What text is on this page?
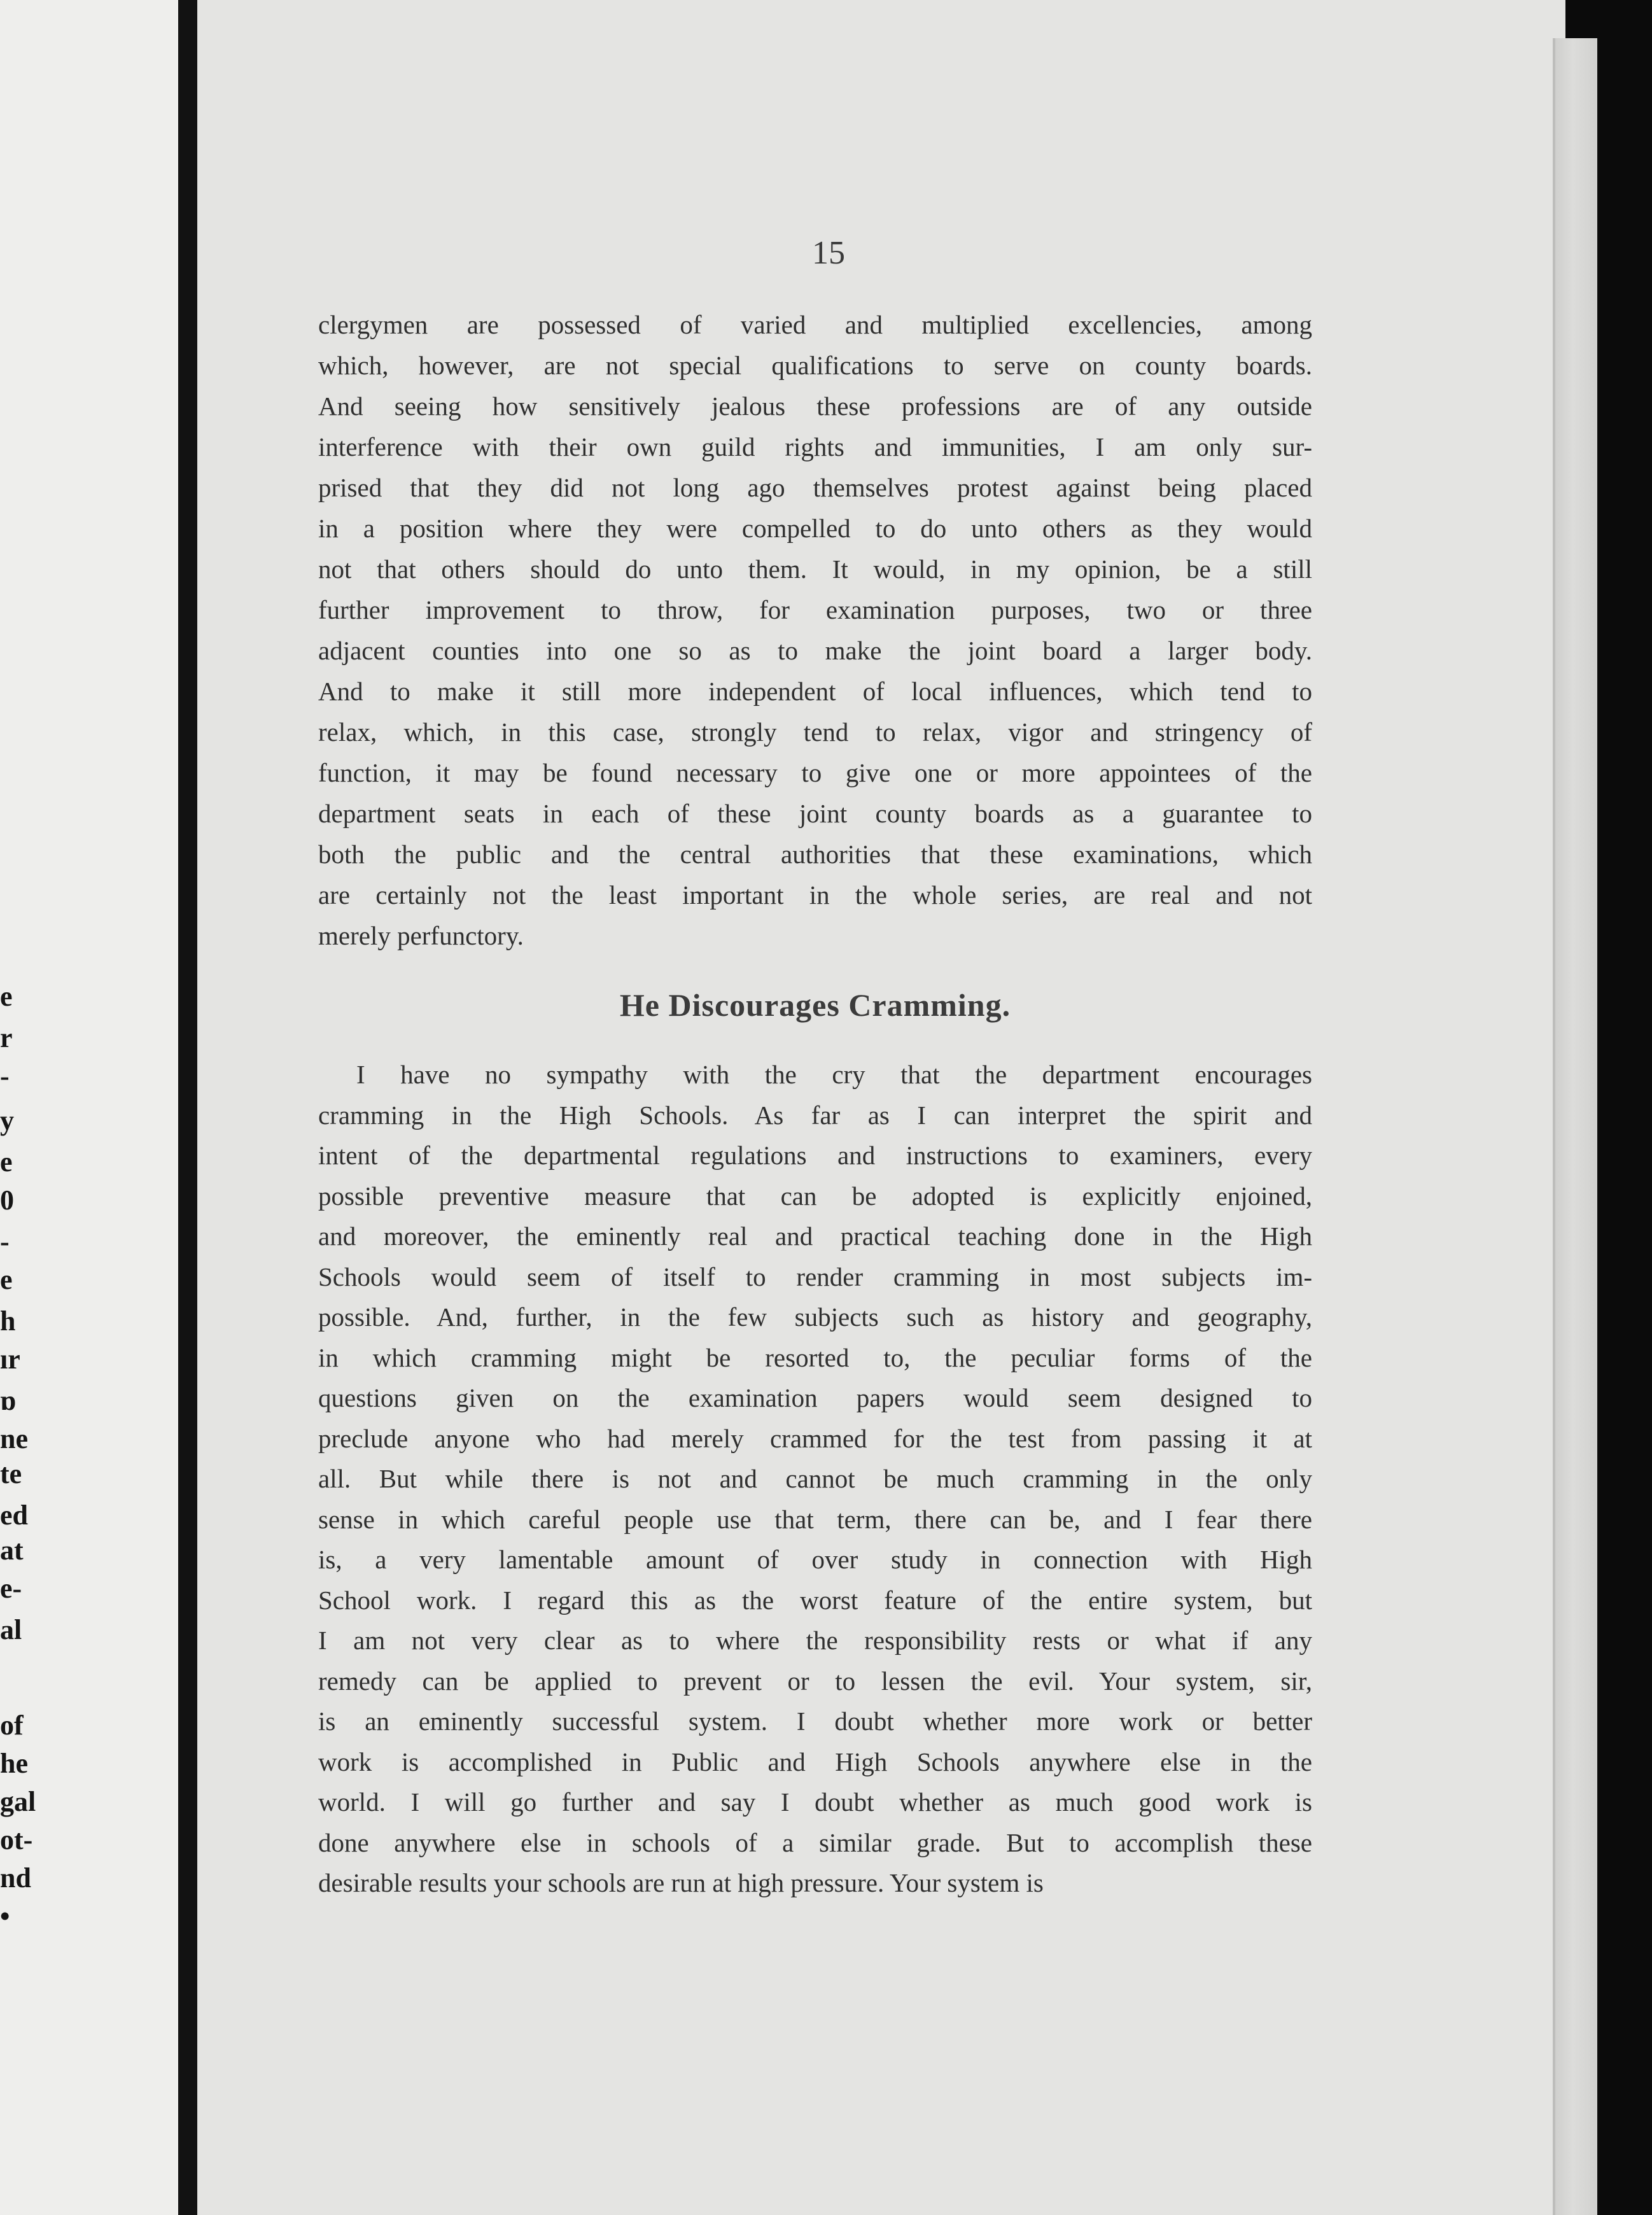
e
r
-
y
e
0
-
e
h
ır
ɒ
ne
te
ed
at
e-
al
of
he
gal
ot-
nd
•
15
clergymen are possessed of varied and multiplied excellencies, among
which, however, are not special qualifications to serve on county boards.
And seeing how sensitively jealous these professions are of any outside
interference with their own guild rights and immunities, I am only sur-
prised that they did not long ago themselves protest against being placed
in a position where they were compelled to do unto others as they would
not that others should do unto them. It would, in my opinion, be a still
further improvement to throw, for examination purposes, two or three
adjacent counties into one so as to make the joint board a larger body.
And to make it still more independent of local influences, which tend to
relax, which, in this case, strongly tend to relax, vigor and stringency of
function, it may be found necessary to give one or more appointees of the
department seats in each of these joint county boards as a guarantee to
both the public and the central authorities that these examinations, which
are certainly not the least important in the whole series, are real and not
merely perfunctory.
I have no sympathy with the cry that the department encourages
cramming in the High Schools. As far as I can interpret the spirit and
intent of the departmental regulations and instructions to examiners, every
possible preventive measure that can be adopted is explicitly enjoined,
and moreover, the eminently real and practical teaching done in the High
Schools would seem of itself to render cramming in most subjects im-
possible. And, further, in the few subjects such as history and geography,
in which cramming might be resorted to, the peculiar forms of the
questions given on the examination papers would seem designed to
preclude anyone who had merely crammed for the test from passing it at
all. But while there is not and cannot be much cramming in the only
sense in which careful people use that term, there can be, and I fear there
is, a very lamentable amount of over study in connection with High
School work. I regard this as the worst feature of the entire system, but
I am not very clear as to where the responsibility rests or what if any
remedy can be applied to prevent or to lessen the evil. Your system, sir,
is an eminently successful system. I doubt whether more work or better
work is accomplished in Public and High Schools anywhere else in the
world. I will go further and say I doubt whether as much good work is
done anywhere else in schools of a similar grade. But to accomplish these
desirable results your schools are run at high pressure. Your system is
He Discourages Cramming.
